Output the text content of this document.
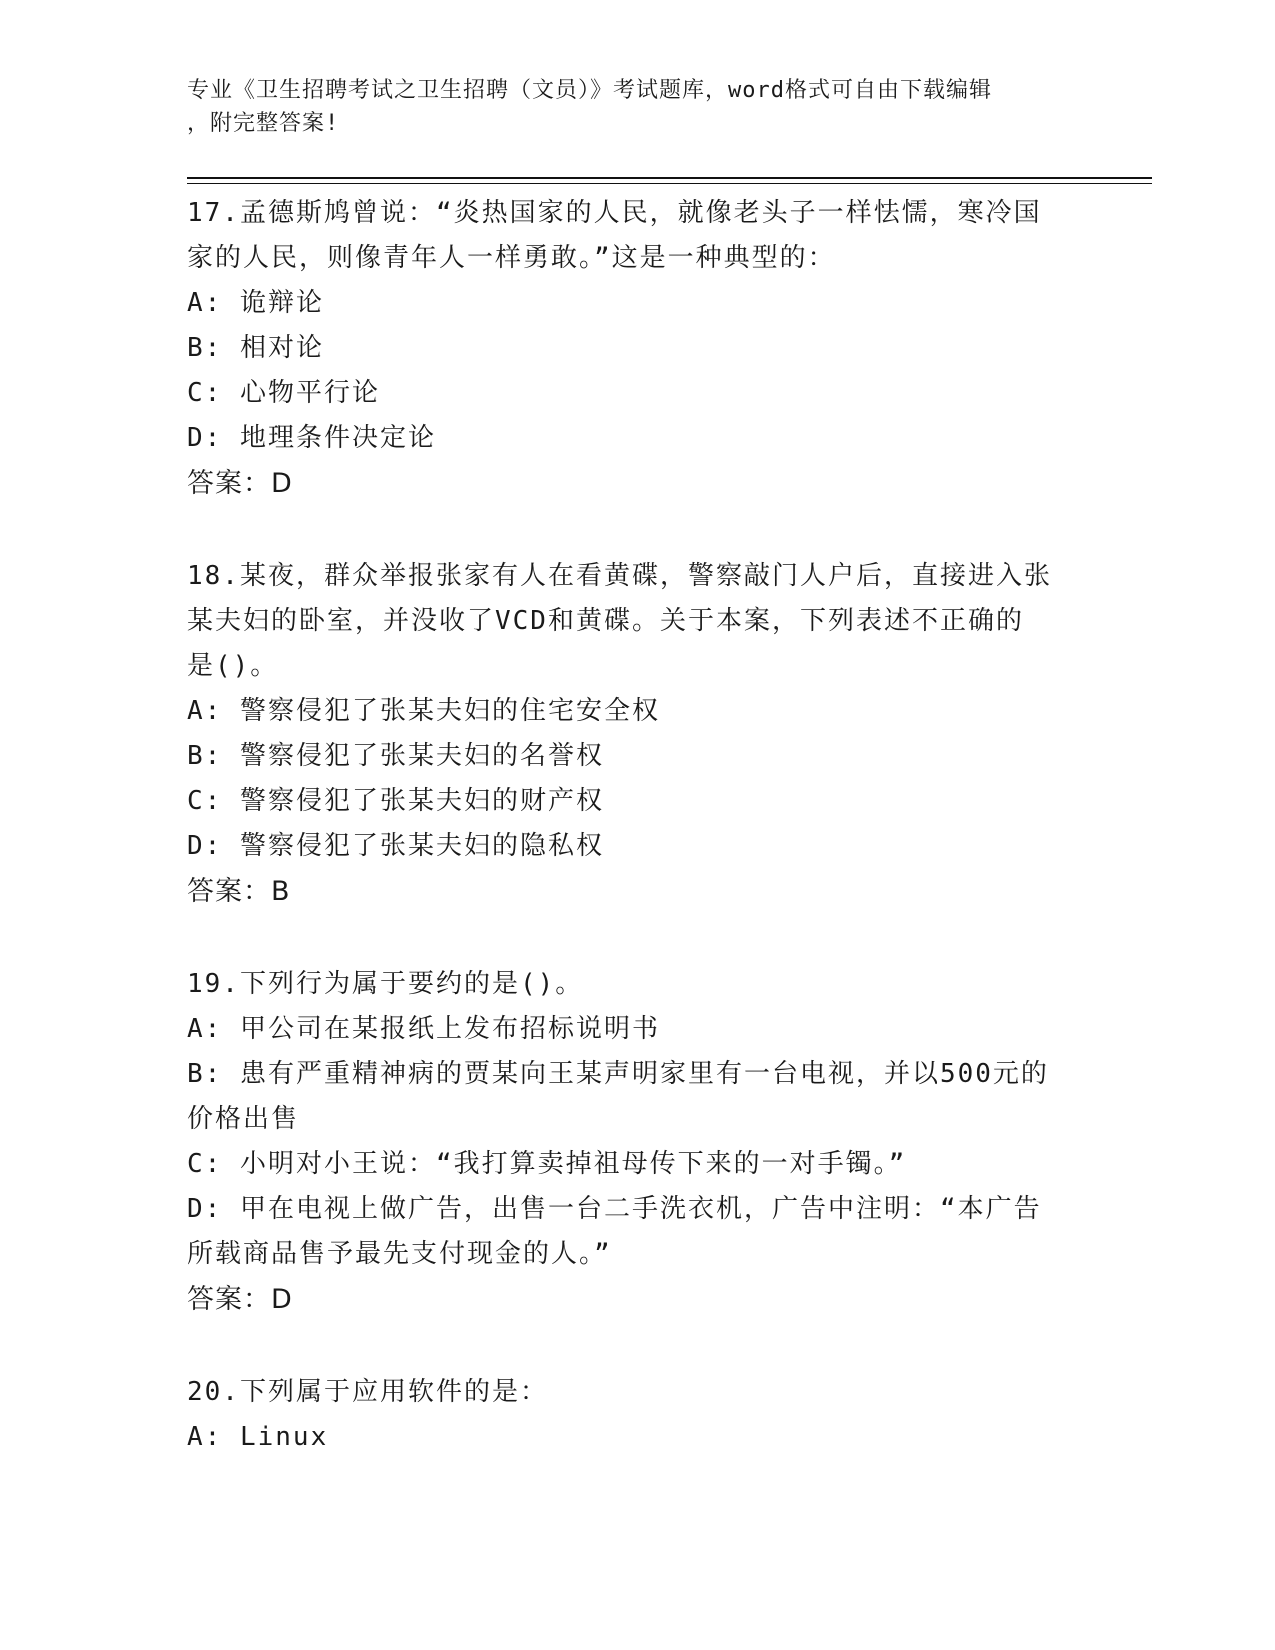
专业《卫生招聘考试之卫生招聘（文员）》考试题库，word格式可自由下载编辑
，附完整答案!
17.孟德斯鸠曾说：“炎热国家的人民，就像老头子一样怯懦，寒冷国
家的人民，则像青年人一样勇敢。”这是一种典型的：
A: 诡辩论
B: 相对论
C: 心物平行论
D: 地理条件决定论
答案：D
18.某夜，群众举报张家有人在看黄碟，警察敲门人户后，直接进入张
某夫妇的卧室，并没收了VCD和黄碟。关于本案，下列表述不正确的
是()。
A: 警察侵犯了张某夫妇的住宅安全权
B: 警察侵犯了张某夫妇的名誉权
C: 警察侵犯了张某夫妇的财产权
D: 警察侵犯了张某夫妇的隐私权
答案：B
19.下列行为属于要约的是()。
A: 甲公司在某报纸上发布招标说明书
B: 患有严重精神病的贾某向王某声明家里有一台电视，并以500元的
价格出售
C: 小明对小王说：“我打算卖掉祖母传下来的一对手镯。”
D: 甲在电视上做广告，出售一台二手洗衣机，广告中注明：“本广告
所载商品售予最先支付现金的人。”
答案：D
20.下列属于应用软件的是：
A: Linux
